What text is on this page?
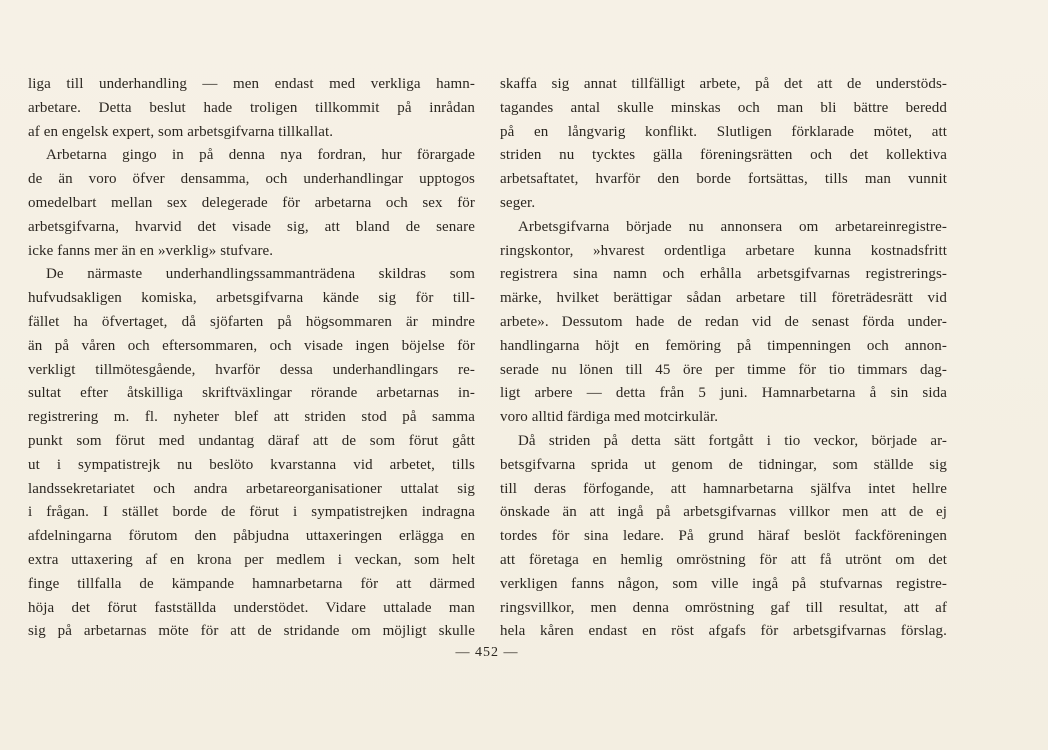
liga till underhandling — men endast med verkliga hamn-
arbetare. Detta beslut hade troligen tillkommit på inrådan
af en engelsk expert, som arbetsgifvarna tillkallat.
Arbetarna gingo in på denna nya fordran, hur förargade
de än voro öfver densamma, och underhandlingar upptogos
omedelbart mellan sex delegerade för arbetarna och sex för
arbetsgifvarna, hvarvid det visade sig, att bland de senare
icke fanns mer än en »verklig» stufvare.
De närmaste underhandlingssammanträdena skildras som
hufvudsakligen komiska, arbetsgifvarna kände sig för till-
fället ha öfvertaget, då sjöfarten på högsommaren är mindre
än på våren och eftersommaren, och visade ingen böjelse för
verkligt tillmötesgående, hvarför dessa underhandlingars re-
sultat efter åtskilliga skriftväxlingar rörande arbetarnas in-
registrering m. fl. nyheter blef att striden stod på samma
punkt som förut med undantag däraf att de som förut gått
ut i sympatistrejk nu beslöto kvarstanna vid arbetet, tills
landssekretariatet och andra arbetareorganisationer uttalat sig
i frågan. I stället borde de förut i sympatistrejken indragna
afdelningarna förutom den påbjudna uttaxeringen erlägga en
extra uttaxering af en krona per medlem i veckan, som helt
finge tillfalla de kämpande hamnarbetarna för att därmed
höja det förut fastställda understödet. Vidare uttalade man
sig på arbetarnas möte för att de stridande om möjligt skulle
skaffa sig annat tillfälligt arbete, på det att de understöds-
tagandes antal skulle minskas och man bli bättre beredd
på en långvarig konflikt. Slutligen förklarade mötet, att
striden nu tycktes gälla föreningsrätten och det kollektiva
arbetsaftatet, hvarför den borde fortsättas, tills man vunnit
seger.
Arbetsgifvarna började nu annonsera om arbetareinregistre-
ringskontor, »hvarest ordentliga arbetare kunna kostnadsfritt
registrera sina namn och erhålla arbetsgifvarnas registrerings-
märke, hvilket berättigar sådan arbetare till företrädesrätt vid
arbete». Dessutom hade de redan vid de senast förda under-
handlingarna höjt en femöring på timpenningen och annon-
serade nu lönen till 45 öre per timme för tio timmars dag-
ligt arbere — detta från 5 juni. Hamnarbetarna å sin sida
voro alltid färdiga med motcirkulär.
Då striden på detta sätt fortgått i tio veckor, började ar-
betsgifvarna sprida ut genom de tidningar, som ställde sig
till deras förfogande, att hamnarbetarna själfva intet hellre
önskade än att ingå på arbetsgifvarnas villkor men att de ej
tordes för sina ledare. På grund häraf beslöt fackföreningen
att företaga en hemlig omröstning för att få utrönt om det
verkligen fanns någon, som ville ingå på stufvarnas registre-
ringsvillkor, men denna omröstning gaf till resultat, att af
hela kåren endast en röst afgafs för arbetsgifvarnas förslag.
— 452 —
